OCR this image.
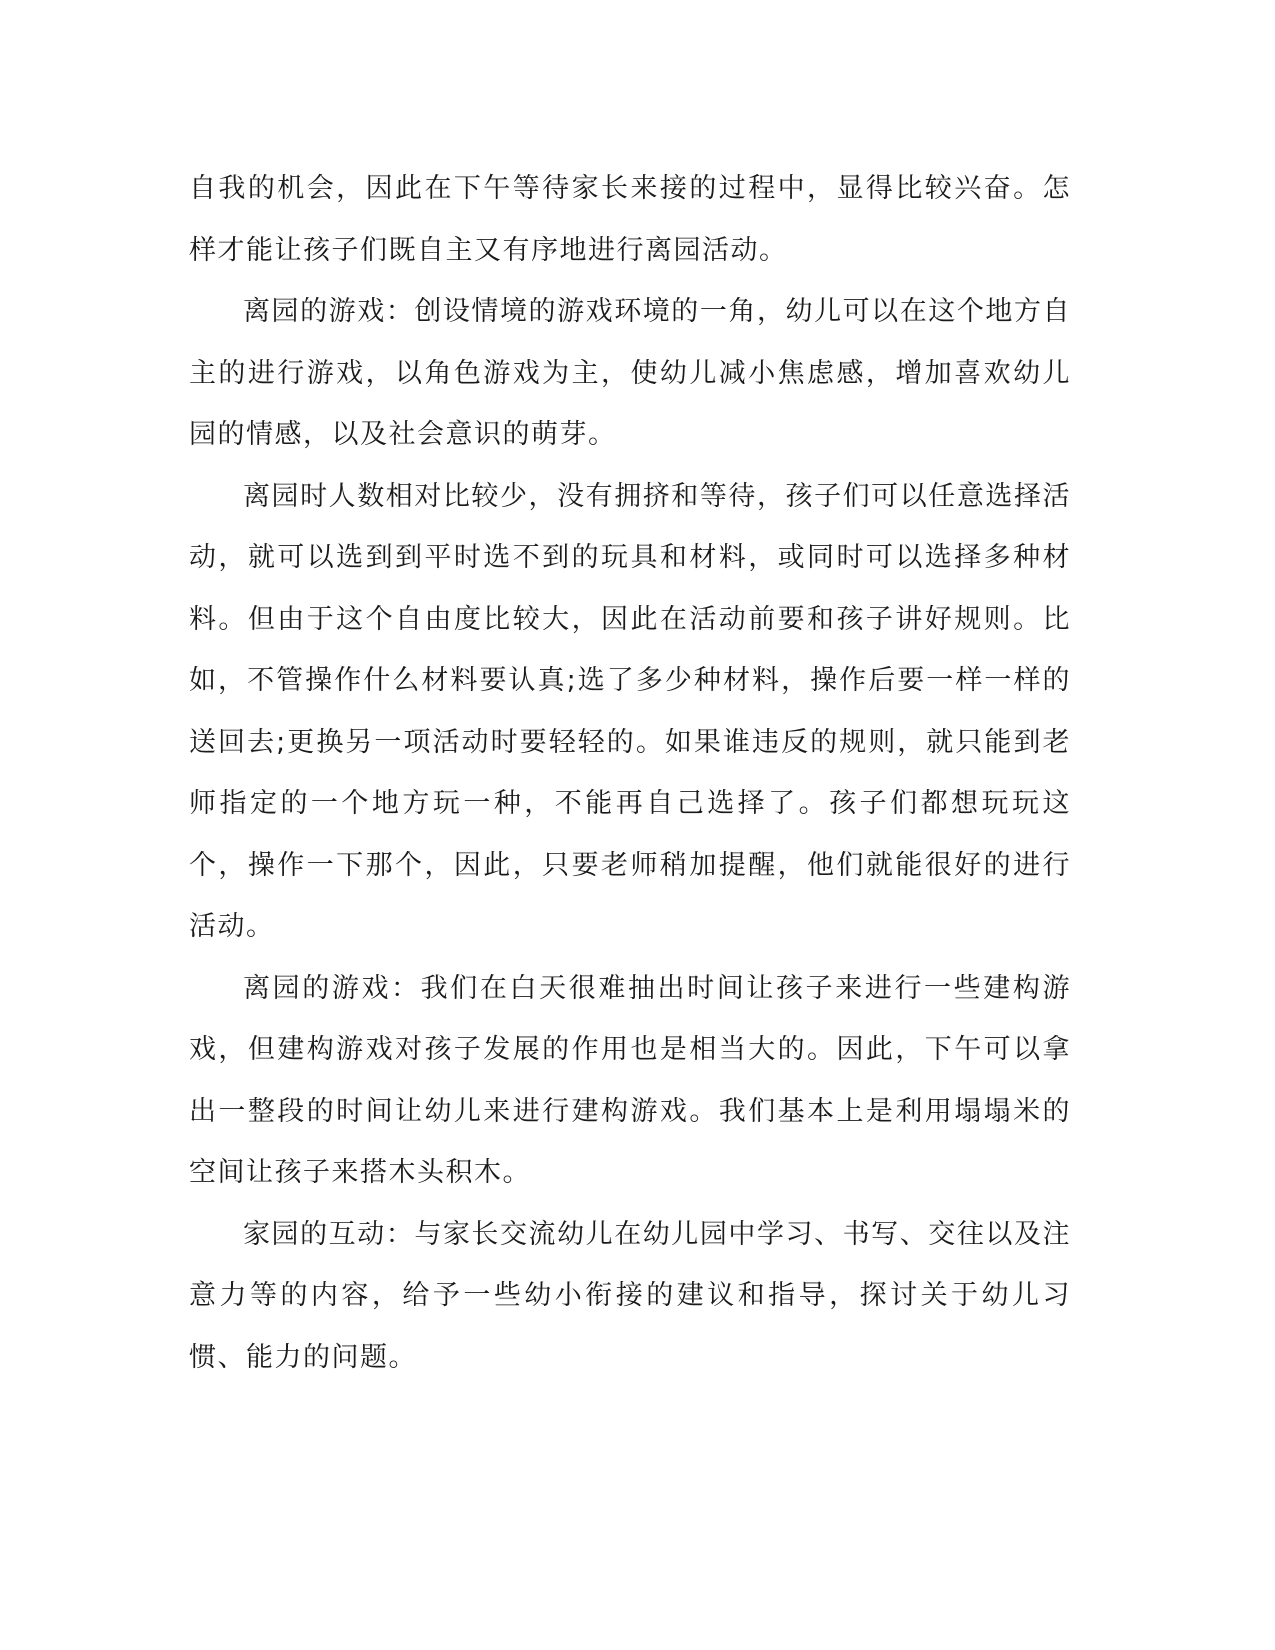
自我的机会，因此在下午等待家长来接的过程中，显得比较兴奋。怎样才能让孩子们既自主又有序地进行离园活动。

离园的游戏：创设情境的游戏环境的一角，幼儿可以在这个地方自主的进行游戏，以角色游戏为主，使幼儿减小焦虑感，增加喜欢幼儿园的情感，以及社会意识的萌芽。

离园时人数相对比较少，没有拥挤和等待，孩子们可以任意选择活动，就可以选到到平时选不到的玩具和材料，或同时可以选择多种材料。但由于这个自由度比较大，因此在活动前要和孩子讲好规则。比如，不管操作什么材料要认真;选了多少种材料，操作后要一样一样的送回去;更换另一项活动时要轻轻的。如果谁违反的规则，就只能到老师指定的一个地方玩一种，不能再自己选择了。孩子们都想玩玩这个，操作一下那个，因此，只要老师稍加提醒，他们就能很好的进行活动。

离园的游戏：我们在白天很难抽出时间让孩子来进行一些建构游戏，但建构游戏对孩子发展的作用也是相当大的。因此，下午可以拿出一整段的时间让幼儿来进行建构游戏。我们基本上是利用塌塌米的空间让孩子来搭木头积木。

家园的互动：与家长交流幼儿在幼儿园中学习、书写、交往以及注意力等的内容，给予一些幼小衔接的建议和指导，探讨关于幼儿习惯、能力的问题。
